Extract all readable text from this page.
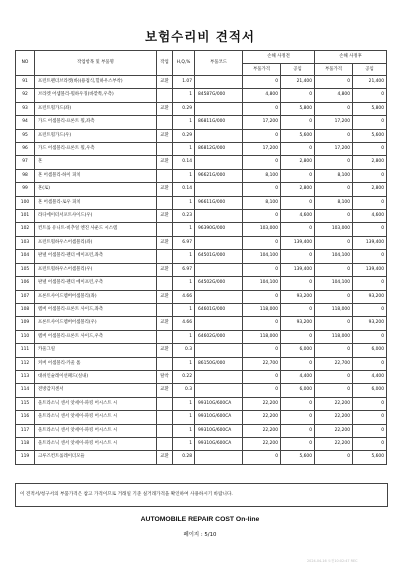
보험수리비 견적서
NO	작업항목 및 부품명	작업	H,Q,%	부품코드	손해 사정전		손해 사정후	
					부품가격	공임	부품가격	공임
91	프런트펜더브라켓(바)(용접식,힐하우스부착)	교환	1.07		0	21,400	0	21,400
92	브라켓 어셈블리-휠하우징(바깥쪽,우측)		1	84587G/000	4,800	0	4,800	0
93	프런트휠가드(좌)	교환	0.29		0	5,800	0	5,800
94	가드 어셈블리-프론트 휠,좌측		1	86811G/000	17,200	0	17,200	0
95	프런트휠가드(우)	교환	0.29		0	5,600	0	5,600
96	가드 어셈블리-프론트 휠,우측		1	86812G/000	17,200	0	17,200	0
97	혼	교환	0.14		0	2,800	0	2,800
98	혼 어셈블리-하이 피치		1	96621G/000	8,100	0	8,100	0
99	혼(로)	교환	0.14		0	2,800	0	2,800
100	혼 어셈블리-로우 피치		1	96611G/000	8,100	0	8,100	0
101	라디에이터서포트사이드(우)	교환	0.23		0	4,600	0	4,600
102	컨트롤 유니트-비추얼 엔진 사운드 시스템		1	96390G/000	103,000	0	103,000	0
103	프런트휠하우스어셈블리(좌)	교환	6.97		0	139,400	0	139,400
104	판넬 어셈블리-펜더 에이프런,좌측		1	64501G/000	104,100	0	104,100	0
105	프런트휠하우스어셈블리(우)	교환	6.97		0	139,400	0	139,400
106	판넬 어셈블리-펜더 에이프런,우측		1	64502G/000	104,100	0	104,100	0
107	프론트사이드멤버어셈블리(좌)	교환	4.66		0	93,200	0	93,200
108	멤버 어셈블리-프론트 사이드,좌측		1	64601G/000	118,000	0	118,000	0
109	프론트사이드멤버어셈블리(우)	교환	4.66		0	93,200	0	93,200
110	멤버 어셈블리-프론트 사이드,우측		1	64602G/000	118,000	0	118,000	0
111	카울그릴	교환	0.3		0	6,000	0	6,000
112	커버 어셈블리-카울 톱		1	86150G/000	22,700	0	22,700	0
113	대쉬인슐레이션패드(실내)	탈착	0.22		0	4,400	0	4,400
114	전방감지센서	교환	0.3		0	6,000	0	6,000
115	울트라소닉 센서 앗세이-파킹 어시스트 시		1	99310G/600CA	22,200	0	22,200	0
116	울트라소닉 센서 앗세이-파킹 어시스트 시		1	99310G/600CA	22,200	0	22,200	0
117	울트라소닉 센서 앗세이-파킹 어시스트 시		1	99310G/600CA	22,200	0	22,200	0
118	울트라소닉 센서 앗세이-파킹 어시스트 시		1	99310G/600CA	22,200	0	22,200	0
119	크루즈컨트롤레이더모듈	교환	0.28		0	5,600	0	5,600
이 견적서/청구서의 부품가격은 참고 가격이므로 거래일 기준 실거래가격을 확인하여 사용하시기 바랍니다.
AUTOMOBILE REPAIR COST On-line
페이지 : 5/10
2024-04-16 오전10:02:47 REC
